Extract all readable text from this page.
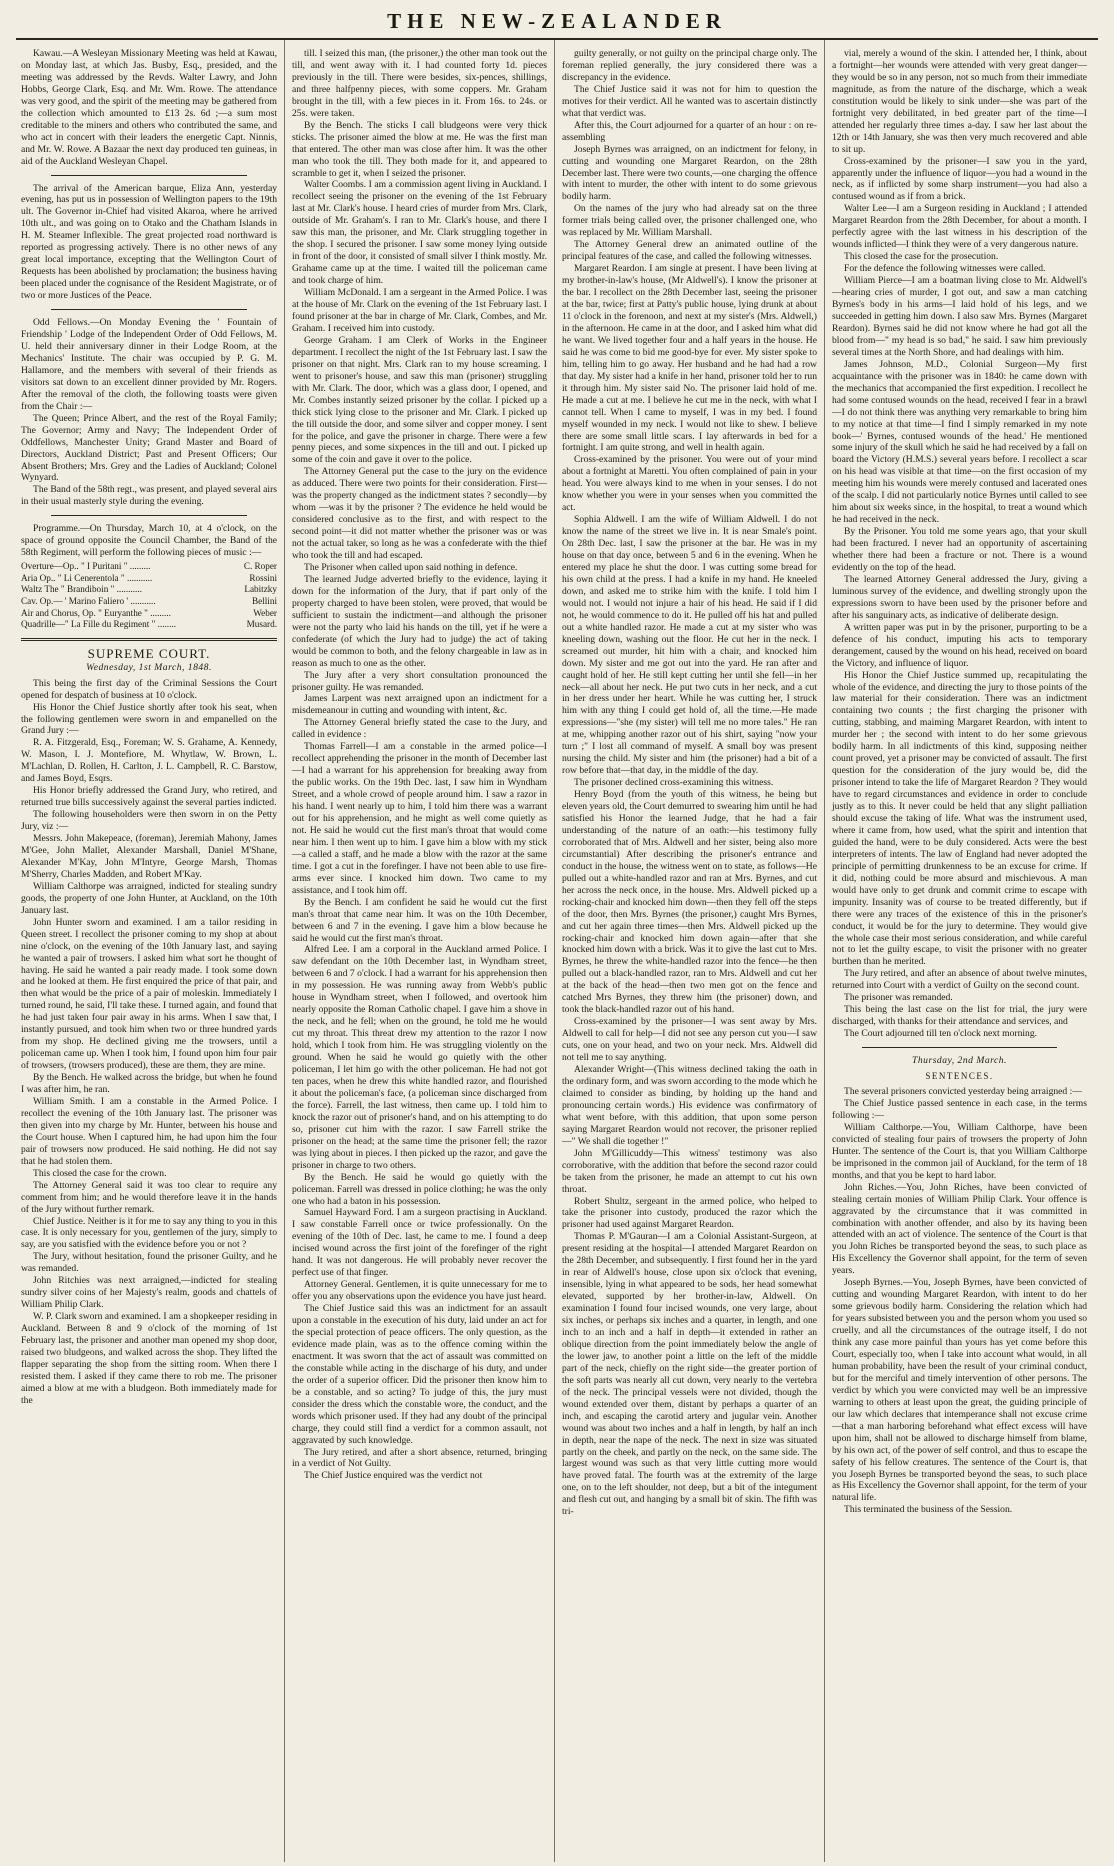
THE NEW-ZEALANDER

Kawau.—A Wesleyan Missionary Meeting was held at Kawau, on Monday last, at which Jas. Busby, Esq., presided, and the meeting was addressed by the Revds. Walter Lawry, and John Hobbs, George Clark, Esq. and Mr. Wm. Rowe. The attendance was very good, and the spirit of the meeting may be gathered from the collection which amounted to £13 2s. 6d ;—a sum most creditable to the miners and others who contributed the same, and who act in concert with their leaders the energetic Capt. Ninnis, and Mr. W. Rowe. A Bazaar the next day produced ten guineas, in aid of the Auckland Wesleyan Chapel.

The arrival of the American barque, Eliza Ann, yesterday evening, has put us in possession of Wellington papers to the 19th ult. The Governor in-Chief had visited Akaroa, where he arrived 10th ult., and was going on to Otako and the Chatham Islands in H. M. Steamer Inflexible. The great projected road northward is reported as progressing actively. There is no other news of any great local importance, excepting that the Wellington Court of Requests has been abolished by proclamation; the business having been placed under the cognisance of the Resident Magistrate, or of two or more Justices of the Peace.

Odd Fellows.—On Monday Evening the ' Fountain of Friendship ' Lodge of the Independent Order of Odd Fellows, M. U. held their anniversary dinner in their Lodge Room, at the Mechanics' Institute. The chair was occupied by P. G. M. Hallamore, and the members with several of their friends as visitors sat down to an excellent dinner provided by Mr. Rogers. After the removal of the cloth, the following toasts were given from the Chair :—

The Queen; Prince Albert, and the rest of the Royal Family; The Governor; Army and Navy; The Independent Order of Oddfellows, Manchester Unity; Grand Master and Board of Directors, Auckland District; Past and Present Officers; Our Absent Brothers; Mrs. Grey and the Ladies of Auckland; Colonel Wynyard.

The Band of the 58th regt., was present, and played several airs in their usual masterly style during the evening.

Programme.—On Thursday, March 10, at 4 o'clock, on the space of ground opposite the Council Chamber, the Band of the 58th Regiment, will perform the following pieces of music :—

Overture—Op.. " I Puritani " .........	C. Roper
Aria Op.. " Li Cenerentola " ...........	Rossini
Waltz The " Brandiboin " ...........	Labitzky
Cav. Op.— ' Marino Faliero ' ...........	Bellini
Air and Chorus, Op. " Euryanthe " .........	Weber
Quadrille—" La Fille du Regiment " ........	Musard.
SUPREME COURT.
Wednesday, 1st March, 1848.

This being the first day of the Criminal Sessions the Court opened for despatch of business at 10 o'clock.

His Honor the Chief Justice shortly after took his seat, when the following gentlemen were sworn in and empanelled on the Grand Jury :—

R. A. Fitzgerald, Esq., Foreman; W. S. Grahame, A. Kennedy, W. Mason, I. J. Montefiore, M. Whytlaw, W. Brown, L. M'Lachlan, D. Rollen, H. Carlton, J. L. Campbell, R. C. Barstow, and James Boyd, Esqrs.

His Honor briefly addressed the Grand Jury, who retired, and returned true bills successively against the several parties indicted.

The following householders were then sworn in on the Petty Jury, viz :—

Messrs. John Makepeace, (foreman), Jeremiah Mahony, James M'Gee, John Mallet, Alexander Marshall, Daniel M'Shane, Alexander M'Kay, John M'Intyre, George Marsh, Thomas M'Sherry, Charles Madden, and Robert M'Kay.

William Calthorpe was arraigned, indicted for stealing sundry goods, the property of one John Hunter, at Auckland, on the 10th January last.

John Hunter sworn and examined. I am a tailor residing in Queen street. I recollect the prisoner coming to my shop at about nine o'clock, on the evening of the 10th January last, and saying he wanted a pair of trowsers. I asked him what sort he thought of having. He said he wanted a pair ready made. I took some down and he looked at them. He first enquired the price of that pair, and then what would be the price of a pair of moleskin. Immediately I turned round, he said, I'll take these. I turned again, and found that he had just taken four pair away in his arms. When I saw that, I instantly pursued, and took him when two or three hundred yards from my shop. He declined giving me the trowsers, until a policeman came up. When I took him, I found upon him four pair of trowsers, (trowsers produced), these are them, they are mine.

By the Bench. He walked across the bridge, but when he found I was after him, he ran.

William Smith. I am a constable in the Armed Police. I recollect the evening of the 10th January last. The prisoner was then given into my charge by Mr. Hunter, between his house and the Court house. When I captured him, he had upon him the four pair of trowsers now produced. He said nothing. He did not say that he had stolen them.

This closed the case for the crown.

The Attorney General said it was too clear to require any comment from him; and he would therefore leave it in the hands of the Jury without further remark.

Chief Justice. Neither is it for me to say any thing to you in this case. It is only necessary for you, gentlemen of the jury, simply to say, are you satisfied with the evidence before you or not ?

The Jury, without hesitation, found the prisoner Guilty, and he was remanded.

John Ritchies was next arraigned,—indicted for stealing sundry silver coins of her Majesty's realm, goods and chattels of William Philip Clark.

W. P. Clark sworn and examined. I am a shopkeeper residing in Auckland. Between 8 and 9 o'clock of the morning of 1st February last, the prisoner and another man opened my shop door, raised two bludgeons, and walked across the shop. They lifted the flapper separating the shop from the sitting room. When there I resisted them. I asked if they came there to rob me. The prisoner aimed a blow at me with a bludgeon. Both immediately made for the

till. I seized this man, (the prisoner,) the other man took out the till, and went away with it. I had counted forty 1d. pieces previously in the till. There were besides, six-pences, shillings, and three halfpenny pieces, with some coppers. Mr. Graham brought in the till, with a few pieces in it. From 16s. to 24s. or 25s. were taken.

By the Bench. The sticks I call bludgeons were very thick sticks. The prisoner aimed the blow at me. He was the first man that entered. The other man was close after him. It was the other man who took the till. They both made for it, and appeared to scramble to get it, when I seized the prisoner.

Walter Coombs. I am a commission agent living in Auckland. I recollect seeing the prisoner on the evening of the 1st February last at Mr. Clark's house. I heard cries of murder from Mrs. Clark, outside of Mr. Graham's. I ran to Mr. Clark's house, and there I saw this man, the prisoner, and Mr. Clark struggling together in the shop. I secured the prisoner. I saw some money lying outside in front of the door, it consisted of small silver I think mostly. Mr. Grahame came up at the time. I waited till the policeman came and took charge of him.

William McDonald. I am a sergeant in the Armed Police. I was at the house of Mr. Clark on the evening of the 1st February last. I found prisoner at the bar in charge of Mr. Clark, Combes, and Mr. Graham. I received him into custody.

George Graham. I am Clerk of Works in the Engineer department. I recollect the night of the 1st February last. I saw the prisoner on that night. Mrs. Clark ran to my house screaming. I went to prisoner's house, and saw this man (prisoner) struggling with Mr. Clark. The door, which was a glass door, I opened, and Mr. Combes instantly seized prisoner by the collar. I picked up a thick stick lying close to the prisoner and Mr. Clark. I picked up the till outside the door, and some silver and copper money. I sent for the police, and gave the prisoner in charge. There were a few penny pieces, and some sixpences in the till and out. I picked up some of the coin and gave it over to the police.

The Attorney General put the case to the jury on the evidence as adduced. There were two points for their consideration. First—was the property changed as the indictment states ? secondly—by whom —was it by the prisoner ? The evidence he held would be considered conclusive as to the first, and with respect to the second point—it did not matter whether the prisoner was or was not the actual taker, so long as he was a confederate with the thief who took the till and had escaped.

The Prisoner when called upon said nothing in defence.

The learned Judge adverted briefly to the evidence, laying it down for the information of the Jury, that if part only of the property charged to have been stolen, were proved, that would be sufficient to sustain the indictment—and although the prisoner were not the party who laid his hands on the till, yet if he were a confederate (of which the Jury had to judge) the act of taking would be common to both, and the felony chargeable in law as in reason as much to one as the other.

The Jury after a very short consultation pronounced the prisoner guilty. He was remanded.

James Larpent was next arraigned upon an indictment for a misdemeanour in cutting and wounding with intent, &c.

The Attorney General briefly stated the case to the Jury, and called in evidence :

Thomas Farrell—I am a constable in the armed police—I recollect apprehending the prisoner in the month of December last—I had a warrant for his apprehension for breaking away from the public works. On the 19th Dec. last, I saw him in Wyndham Street, and a whole crowd of people around him. I saw a razor in his hand. I went nearly up to him, I told him there was a warrant out for his apprehension, and he might as well come quietly as not. He said he would cut the first man's throat that would come near him. I then went up to him. I gave him a blow with my stick—a called a staff, and he made a blow with the razor at the same time. I got a cut in the forefinger. I have not been able to use fire-arms ever since. I knocked him down. Two came to my assistance, and I took him off.

By the Bench. I am confident he said he would cut the first man's throat that came near him. It was on the 10th December, between 6 and 7 in the evening. I gave him a blow because he said he would cut the first man's throat.

Alfred Lee. I am a corporal in the Auckland armed Police. I saw defendant on the 10th December last, in Wyndham street, between 6 and 7 o'clock. I had a warrant for his apprehension then in my possession. He was running away from Webb's public house in Wyndham street, when I followed, and overtook him nearly opposite the Roman Catholic chapel. I gave him a shove in the neck, and he fell; when on the ground, he told me he would cut my throat. This threat drew my attention to the razor I now hold, which I took from him. He was struggling violently on the ground. When he said he would go quietly with the other policeman, I let him go with the other policeman. He had not got ten paces, when he drew this white handled razor, and flourished it about the policeman's face, (a policeman since discharged from the force). Farrell, the last witness, then came up. I told him to knock the razor out of prisoner's hand, and on his attempting to do so, prisoner cut him with the razor. I saw Farrell strike the prisoner on the head; at the same time the prisoner fell; the razor was lying about in pieces. I then picked up the razor, and gave the prisoner in charge to two others.

By the Bench. He said he would go quietly with the policeman. Farrell was dressed in police clothing; he was the only one who had a baton in his possession.

Samuel Hayward Ford. I am a surgeon practising in Auckland. I saw constable Farrell once or twice professionally. On the evening of the 10th of Dec. last, he came to me. I found a deep incised wound across the first joint of the forefinger of the right hand. It was not dangerous. He will probably never recover the perfect use of that finger.

Attorney General. Gentlemen, it is quite unnecessary for me to offer you any observations upon the evidence you have just heard.

The Chief Justice said this was an indictment for an assault upon a constable in the execution of his duty, laid under an act for the special protection of peace officers. The only question, as the evidence made plain, was as to the offence coming within the enactment. It was sworn that the act of assault was committed on the constable while acting in the discharge of his duty, and under the order of a superior officer. Did the prisoner then know him to be a constable, and so acting? To judge of this, the jury must consider the dress which the constable wore, the conduct, and the words which prisoner used. If they had any doubt of the principal charge, they could still find a verdict for a common assault, not aggravated by such knowledge.

The Jury retired, and after a short absence, returned, bringing in a verdict of Not Guilty.

The Chief Justice enquired was the verdict not

guilty generally, or not guilty on the principal charge only. The foreman replied generally, the jury considered there was a discrepancy in the evidence.

The Chief Justice said it was not for him to question the motives for their verdict. All he wanted was to ascertain distinctly what that verdict was.

After this, the Court adjourned for a quarter of an hour : on re-assembling

Joseph Byrnes was arraigned, on an indictment for felony, in cutting and wounding one Margaret Reardon, on the 28th December last. There were two counts,—one charging the offence with intent to murder, the other with intent to do some grievous bodily harm.

On the names of the jury who had already sat on the three former trials being called over, the prisoner challenged one, who was replaced by Mr. William Marshall.

The Attorney General drew an animated outline of the principal features of the case, and called the following witnesses.

Margaret Reardon. I am single at present. I have been living at my brother-in-law's house, (Mr Aldwell's). I know the prisoner at the bar. I recollect on the 28th December last, seeing the prisoner at the bar, twice; first at Patty's public house, lying drunk at about 11 o'clock in the forenoon, and next at my sister's (Mrs. Aldwell,) in the afternoon. He came in at the door, and I asked him what did he want. We lived together four and a half years in the house. He said he was come to bid me good-bye for ever. My sister spoke to him, telling him to go away. Her husband and he had had a row that day. My sister had a knife in her hand, prisoner told her to run it through him. My sister said No. The prisoner laid hold of me. He made a cut at me. I believe he cut me in the neck, with what I cannot tell. When I came to myself, I was in my bed. I found myself wounded in my neck. I would not like to shew. I believe there are some small little scars. I lay afterwards in bed for a fortnight. I am quite strong, and well in health again.

Cross-examined by the prisoner. You were out of your mind about a fortnight at Maretti. You often complained of pain in your head. You were always kind to me when in your senses. I do not know whether you were in your senses when you committed the act.

Sophia Aldwell. I am the wife of William Aldwell. I do not know the name of the street we live in. It is near Smale's point. On 28th Dec. last, I saw the prisoner at the bar. He was in my house on that day once, between 5 and 6 in the evening. When he entered my place he shut the door. I was cutting some bread for his own child at the press. I had a knife in my hand. He kneeled down, and asked me to strike him with the knife. I told him I would not. I would not injure a hair of his head. He said if I did not, he would commence to do it. He pulled off his hat and pulled out a white handled razor. He made a cut at my sister who was kneeling down, washing out the floor. He cut her in the neck. I screamed out murder, hit him with a chair, and knocked him down. My sister and me got out into the yard. He ran after and caught hold of her. He still kept cutting her until she fell—in her neck—all about her neck. He put two cuts in her neck, and a cut in her dress under her heart. While he was cutting her, I struck him with any thing I could get hold of, all the time.—He made expressions—"she (my sister) will tell me no more tales." He ran at me, whipping another razor out of his shirt, saying "now your turn ;" I lost all command of myself. A small boy was present nursing the child. My sister and him (the prisoner) had a bit of a row before that—that day, in the middle of the day.

The prisoner declined cross-examining this witness.

Henry Boyd (from the youth of this witness, he being but eleven years old, the Court demurred to swearing him until he had satisfied his Honor the learned Judge, that he had a fair understanding of the nature of an oath:—his testimony fully corroborated that of Mrs. Aldwell and her sister, being also more circumstantial) After describing the prisoner's entrance and conduct in the house, the witness went on to state, as follows—He pulled out a white-handled razor and ran at Mrs. Byrnes, and cut her across the neck once, in the house. Mrs. Aldwell picked up a rocking-chair and knocked him down—then they fell off the steps of the door, then Mrs. Byrnes (the prisoner,) caught Mrs Byrnes, and cut her again three times—then Mrs. Aldwell picked up the rocking-chair and knocked him down again—after that she knocked him down with a brick. Was it to give the last cut to Mrs. Byrnes, he threw the white-handled razor into the fence—he then pulled out a black-handled razor, ran to Mrs. Aldwell and cut her at the back of the head—then two men got on the fence and catched Mrs Byrnes, they threw him (the prisoner) down, and took the black-handled razor out of his hand.

Cross-examined by the prisoner—I was sent away by Mrs. Aldwell to call for help—I did not see any person cut you—I saw cuts, one on your head, and two on your neck. Mrs. Aldwell did not tell me to say anything.

Alexander Wright—(This witness declined taking the oath in the ordinary form, and was sworn according to the mode which he claimed to consider as binding, by holding up the hand and pronouncing certain words.) His evidence was confirmatory of what went before, with this addition, that upon some person saying Margaret Reardon would not recover, the prisoner replied—" We shall die together !"

John M'Gillicuddy—This witness' testimony was also corroborative, with the addition that before the second razor could be taken from the prisoner, he made an attempt to cut his own throat.

Robert Shultz, sergeant in the armed police, who helped to take the prisoner into custody, produced the razor which the prisoner had used against Margaret Reardon.

Thomas P. M'Gauran—I am a Colonial Assistant-Surgeon, at present residing at the hospital—I attended Margaret Reardon on the 28th December, and subsequently. I first found her in the yard in rear of Aldwell's house, close upon six o'clock that evening, insensible, lying in what appeared to be sods, her head somewhat elevated, supported by her brother-in-law, Aldwell. On examination I found four incised wounds, one very large, about six inches, or perhaps six inches and a quarter, in length, and one inch to an inch and a half in depth—it extended in rather an oblique direction from the point immediately below the angle of the lower jaw, to another point a little on the left of the middle part of the neck, chiefly on the right side—the greater portion of the soft parts was nearly all cut down, very nearly to the vertebra of the neck. The principal vessels were not divided, though the wound extended over them, distant by perhaps a quarter of an inch, and escaping the carotid artery and jugular vein. Another wound was about two inches and a half in length, by half an inch in depth, near the nape of the neck. The next in size was situated partly on the cheek, and partly on the neck, on the same side. The largest wound was such as that very little cutting more would have proved fatal. The fourth was at the extremity of the large one, on to the left shoulder, not deep, but a bit of the integument and flesh cut out, and hanging by a small bit of skin. The fifth was tri-

vial, merely a wound of the skin. I attended her, I think, about a fortnight—her wounds were attended with very great danger—they would be so in any person, not so much from their immediate magnitude, as from the nature of the discharge, which a weak constitution would be likely to sink under—she was part of the fortnight very debilitated, in bed greater part of the time—I attended her regularly three times a-day. I saw her last about the 12th or 14th January, she was then very much recovered and able to sit up.

Cross-examined by the prisoner—I saw you in the yard, apparently under the influence of liquor—you had a wound in the neck, as if inflicted by some sharp instrument—you had also a contused wound as if from a brick.

Walter Lee—I am a Surgeon residing in Auckland ; I attended Margaret Reardon from the 28th December, for about a month. I perfectly agree with the last witness in his description of the wounds inflicted—I think they were of a very dangerous nature.

This closed the case for the prosecution.

For the defence the following witnesses were called.

William Pierce—I am a boatman living close to Mr. Aldwell's—hearing cries of murder, I got out, and saw a man catching Byrnes's body in his arms—I laid hold of his legs, and we succeeded in getting him down. I also saw Mrs. Byrnes (Margaret Reardon). Byrnes said he did not know where he had got all the blood from—" my head is so bad," he said. I saw him previously several times at the North Shore, and had dealings with him.

James Johnson, M.D., Colonial Surgeon—My first acquaintance with the prisoner was in 1840: he came down with the mechanics that accompanied the first expedition. I recollect he had some contused wounds on the head, received I fear in a brawl—I do not think there was anything very remarkable to bring him to my notice at that time—I find I simply remarked in my note book—' Byrnes, contused wounds of the head.' He mentioned some injury of the skull which he said he had received by a fall on board the Victory (H.M.S.) several years before. I recollect a scar on his head was visible at that time—on the first occasion of my meeting him his wounds were merely contused and lacerated ones of the scalp. I did not particularly notice Byrnes until called to see him about six weeks since, in the hospital, to treat a wound which he had received in the neck.

By the Prisoner. You told me some years ago, that your skull had been fractured. I never had an opportunity of ascertaining whether there had been a fracture or not. There is a wound evidently on the top of the head.

The learned Attorney General addressed the Jury, giving a luminous survey of the evidence, and dwelling strongly upon the expressions sworn to have been used by the prisoner before and after his sanguinary acts, as indicative of deliberate design.

A written paper was put in by the prisoner, purporting to be a defence of his conduct, imputing his acts to temporary derangement, caused by the wound on his head, received on board the Victory, and influence of liquor.

His Honor the Chief Justice summed up, recapitulating the whole of the evidence, and directing the jury to those points of the law material for their consideration. There was an indictment containing two counts ; the first charging the prisoner with cutting, stabbing, and maiming Margaret Reardon, with intent to murder her ; the second with intent to do her some grievous bodily harm. In all indictments of this kind, supposing neither count proved, yet a prisoner may be convicted of assault. The first question for the consideration of the jury would be, did the prisoner intend to take the life of Margaret Reardon ? They would have to regard circumstances and evidence in order to conclude justly as to this. It never could be held that any slight palliation should excuse the taking of life. What was the instrument used, where it came from, how used, what the spirit and intention that guided the hand, were to be duly considered. Acts were the best interpreters of intents. The law of England had never adopted the principle of permitting drunkenness to be an excuse for crime. If it did, nothing could be more absurd and mischievous. A man would have only to get drunk and commit crime to escape with impunity. Insanity was of course to be treated differently, but if there were any traces of the existence of this in the prisoner's conduct, it would be for the jury to determine. They would give the whole case their most serious consideration, and while careful not to let the guilty escape, to visit the prisoner with no greater burthen than he merited.

The Jury retired, and after an absence of about twelve minutes, returned into Court with a verdict of Guilty on the second count.

The prisoner was remanded.

This being the last case on the list for trial, the jury were discharged, with thanks for their attendance and services, and

The Court adjourned till ten o'clock next morning.

Thursday, 2nd March.
SENTENCES.

The several prisoners convicted yesterday being arraigned :—

The Chief Justice passed sentence in each case, in the terms following :—

William Calthorpe.—You, William Calthorpe, have been convicted of stealing four pairs of trowsers the property of John Hunter. The sentence of the Court is, that you William Calthorpe be imprisoned in the common jail of Auckland, for the term of 18 months, and that you be kept to hard labor.

John Riches.—You, John Riches, have been convicted of stealing certain monies of William Philip Clark. Your offence is aggravated by the circumstance that it was committed in combination with another offender, and also by its having been attended with an act of violence. The sentence of the Court is that you John Riches be transported beyond the seas, to such place as His Excellency the Governor shall appoint, for the term of seven years.

Joseph Byrnes.—You, Joseph Byrnes, have been convicted of cutting and wounding Margaret Reardon, with intent to do her some grievous bodily harm. Considering the relation which had for years subsisted between you and the person whom you used so cruelly, and all the circumstances of the outrage itself, I do not think any case more painful than yours has yet come before this Court, especially too, when I take into account what would, in all human probability, have been the result of your criminal conduct, but for the merciful and timely intervention of other persons. The verdict by which you were convicted may well be an impressive warning to others at least upon the great, the guiding principle of our law which declares that intemperance shall not excuse crime—that a man harboring beforehand what effect excess will have upon him, shall not be allowed to discharge himself from blame, by his own act, of the power of self control, and thus to escape the safety of his fellow creatures. The sentence of the Court is, that you Joseph Byrnes be transported beyond the seas, to such place as His Excellency the Governor shall appoint, for the term of your natural life.

This terminated the business of the Session.
